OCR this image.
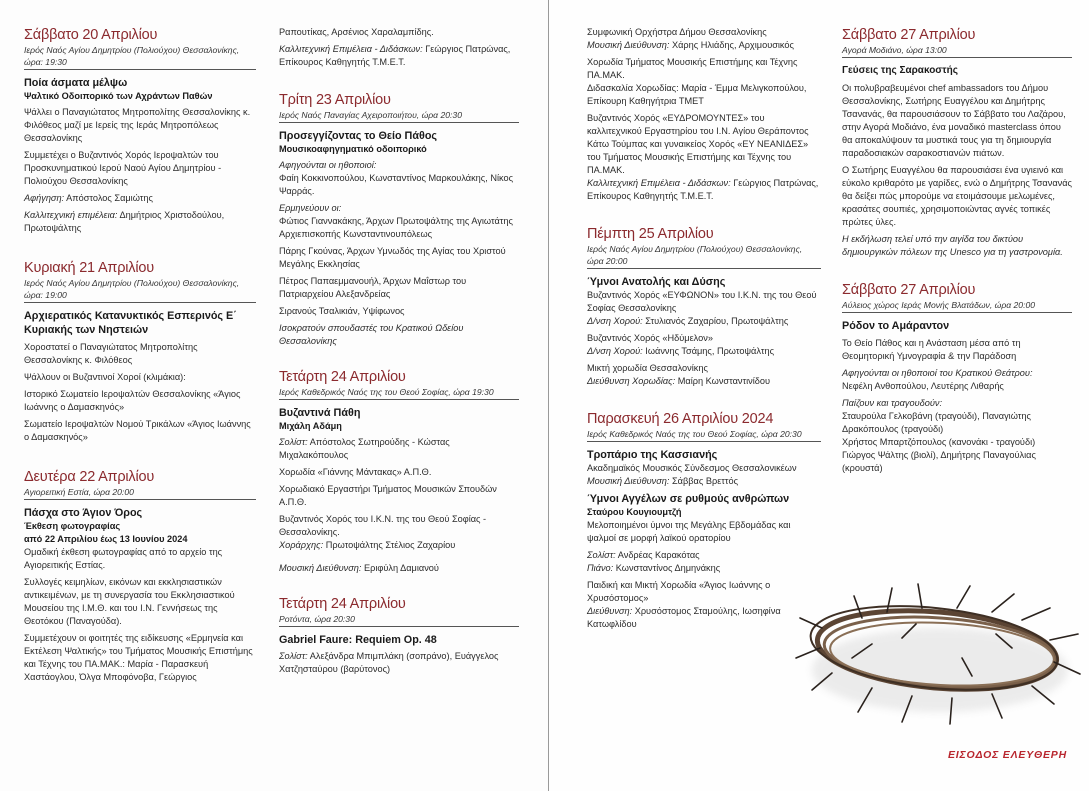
Σάββατο 20 Απριλίου
Ιερός Ναός Αγίου Δημητρίου (Πολιούχου) Θεσσαλονίκης, ώρα: 19:30
Ποία άσματα μέλψω
Ψαλτικό Οδοιπορικό των Αχράντων Παθών

Ψάλλει ο Παναγιώτατος Μητροπολίτης Θεσσαλονίκης κ. Φιλόθεος μαζί με Ιερείς της Ιεράς Μητροπόλεως Θεσσαλονίκης

Συμμετέχει ο Βυζαντινός Χορός Ιεροψαλτών του Προσκυνηματικού Ιερού Ναού Αγίου Δημητρίου - Πολιούχου Θεσσαλονίκης

Αφήγηση: Απόστολος Σαμιώτης

Καλλιτεχνική επιμέλεια: Δημήτριος Χριστοδούλου, Πρωτοψάλτης

Κυριακή 21 Απριλίου
Ιερός Ναός Αγίου Δημητρίου (Πολιούχου) Θεσσαλονίκης, ώρα: 19:00
Αρχιερατικός Κατανυκτικός Εσπερινός Ε΄ Κυριακής των Νηστειών

Χοροστατεί ο Παναγιώτατος Μητροπολίτης Θεσσαλονίκης κ. Φιλόθεος

Ψάλλουν οι Βυζαντινοί Χοροί (κλιμάκια):

Ιστορικό Σωματείο Ιεροψαλτών Θεσσαλονίκης «Άγιος Ιωάννης ο Δαμασκηνός»

Σωματείο Ιεροψαλτών Νομού Τρικάλων «Άγιος Ιωάννης ο Δαμασκηνός»

Δευτέρα 22 Απριλίου
Αγιορειτική Εστία, ώρα 20:00
Πάσχα στο Άγιον Όρος
Έκθεση φωτογραφίας
από 22 Απριλίου έως 13 Ιουνίου 2024

Ομαδική έκθεση φωτογραφίας από το αρχείο της Αγιορειτικής Εστίας.

Συλλογές κειμηλίων, εικόνων και εκκλησιαστικών αντικειμένων, με τη συνεργασία του Εκκλησιαστικού Μουσείου της Ι.Μ.Θ. και του Ι.Ν. Γεννήσεως της Θεοτόκου (Παναγούδα).

Συμμετέχουν οι φοιτητές της ειδίκευσης «Ερμηνεία και Εκτέλεση Ψαλτικής» του Τμήματος Μουσικής Επιστήμης και Τέχνης του ΠΑ.ΜΑΚ.: Μαρία - Παρασκευή Χαστάογλου, Όλγα Μποφόνοβα, Γεώργιος

Ραπουτίκας, Αρσένιος Χαραλαμπίδης.

Καλλιτεχνική Επιμέλεια - Διδάσκων: Γεώργιος Πατρώνας, Επίκουρος Καθηγητής Τ.Μ.Ε.Τ.

Τρίτη 23 Απριλίου
Ιερός Ναός Παναγίας Αχειροποιήτου, ώρα 20:30
Προσεγγίζοντας το Θείο Πάθος
Μουσικοαφηγηματικό οδοιπορικό

Αφηγούνται οι ηθοποιοί:
Φαίη Κοκκινοπούλου, Κωνσταντίνος Μαρκουλάκης, Νίκος Ψαρράς.

Ερμηνεύουν οι:
Φώτιος Γιαννακάκης, Άρχων Πρωτοψάλτης της Αγιωτάτης Αρχιεπισκοπής Κωνσταντινουπόλεως

Πάρης Γκούνας, Άρχων Υμνωδός της Αγίας του Χριστού Μεγάλης Εκκλησίας

Πέτρος Παπαεμμανουήλ, Άρχων Μαΐστωρ του Πατριαρχείου Αλεξανδρείας

Σιρανούς Τσαλικιάν, Υψίφωνος

Ισοκρατούν σπουδαστές του Κρατικού Ωδείου Θεσσαλονίκης

Τετάρτη 24 Απριλίου
Ιερός Καθεδρικός Ναός της του Θεού Σοφίας, ώρα 19:30
Βυζαντινά Πάθη
Μιχάλη Αδάμη

Σολίστ: Απόστολος Σωτηρούδης - Κώστας Μιχαλακόπουλος

Χορωδία «Γιάννης Μάντακας» Α.Π.Θ.

Χορωδιακό Εργαστήρι Τμήματος Μουσικών Σπουδών Α.Π.Θ.

Βυζαντινός Χορός του Ι.Κ.Ν. της του Θεού Σοφίας - Θεσσαλονίκης.

Χοράρχης: Πρωτοψάλτης Στέλιος Ζαχαρίου

Μουσική Διεύθυνση: Εριφύλη Δαμιανού

Τετάρτη 24 Απριλίου
Ροτόντα, ώρα 20:30
Gabriel Faure: Requiem Op. 48

Σολίστ: Αλεξάνδρα Μπιμπλάκη (σοπράνο), Ευάγγελος Χατζησταύρου (βαρύτονος)

Συμφωνική Ορχήστρα Δήμου Θεσσαλονίκης

Μουσική Διεύθυνση: Χάρης Ηλιάδης, Αρχιμουσικός

Χορωδία Τμήματος Μουσικής Επιστήμης και Τέχνης ΠΑ.ΜΑΚ.

Διδασκαλία Χορωδίας: Μαρία - Έμμα Μελιγκοπούλου, Επίκουρη Καθηγήτρια ΤΜΕΤ

Βυζαντινός Χορός «ΕΥΔΡΟΜΟΥΝΤΕΣ» του καλλιτεχνικού Εργαστηρίου του Ι.Ν. Αγίου Θεράποντος Κάτω Τούμπας και γυναικείος Χορός «ΕΥ ΝΕΑΝΙΔΕΣ» του Τμήματος Μουσικής Επιστήμης και Τέχνης του ΠΑ.ΜΑΚ.

Καλλιτεχνική Επιμέλεια - Διδάσκων: Γεώργιος Πατρώνας, Επίκουρος Καθηγητής Τ.Μ.Ε.Τ.

Πέμπτη 25 Απριλίου
Ιερός Ναός Αγίου Δημητρίου (Πολιούχου) Θεσσαλονίκης, ώρα 20:00
Ύμνοι Ανατολής και Δύσης

Βυζαντινός Χορός «ΕΥΦΩΝΟΝ» του Ι.Κ.Ν. της του Θεού Σοφίας Θεσσαλονίκης

Δ/νση Χορού: Στυλιανός Ζαχαρίου, Πρωτοψάλτης

Βυζαντινός Χορός «Ηδύμελον»

Δ/νση Χορού: Ιωάννης Τσάμης, Πρωτοψάλτης

Μικτή χορωδία Θεσσαλονίκης

Διεύθυνση Χορωδίας: Μαίρη Κωνσταντινίδου

Παρασκευή 26 Απριλίου 2024
Ιερός Καθεδρικός Ναός της του Θεού Σοφίας, ώρα 20:30
Τροπάριο της Κασσιανής

Ακαδημαϊκός Μουσικός Σύνδεσμος Θεσσαλονικέων

Μουσική Διεύθυνση: Σάββας Βρεττός

Ύμνοι Αγγέλων σε ρυθμούς ανθρώπων
Σταύρου Κουγιουμτζή

Μελοποιημένοι ύμνοι της Μεγάλης Εβδομάδας και ψαλμοί σε μορφή λαϊκού ορατορίου

Σολίστ: Ανδρέας Καρακότας

Πιάνο: Κωνσταντίνος Δημηνάκης

Παιδική και Μικτή Χορωδία «Άγιος Ιωάννης ο Χρυσόστομος»

Διεύθυνση: Χρυσόστομος Σταμούλης, Ιωσηφίνα Κατωφλίδου

Σάββατο 27 Απριλίου
Αγορά Μοδιάνο, ώρα 13:00
Γεύσεις της Σαρακοστής

Οι πολυβραβευμένοι chef ambassadors του Δήμου Θεσσαλονίκης, Σωτήρης Ευαγγέλου και Δημήτρης Τσανανάς, θα παρουσιάσουν το Σάββατο του Λαζάρου, στην Αγορά Μοδιάνο, ένα μοναδικό masterclass όπου θα αποκαλύψουν τα μυστικά τους για τη δημιουργία παραδοσιακών σαρακοστιανών πιάτων.

Ο Σωτήρης Ευαγγέλου θα παρουσιάσει ένα υγιεινό και εύκολο κριθαρότο με γαρίδες, ενώ ο Δημήτρης Τσανανάς θα δείξει πώς μπορούμε να ετοιμάσουμε μελωμένες, κρασάτες σουπιές, χρησιμοποιώντας αγνές τοπικές πρώτες ύλες.

Η εκδήλωση τελεί υπό την αιγίδα του δικτύου δημιουργικών πόλεων της Unesco για τη γαστρονομία.

Σάββατο 27 Απριλίου
Αύλειος χώρος Ιεράς Μονής Βλατάδων, ώρα 20:00
Ρόδον το Αμάραντον

Το Θείο Πάθος και η Ανάσταση μέσα από τη Θεομητορική Υμνογραφία & την Παράδοση

Αφηγούνται οι ηθοποιοί του Κρατικού Θεάτρου:
Νεφέλη Ανθοπούλου, Λευτέρης Λιθαρής

Παίζουν και τραγουδούν:
Σταυρούλα Γελκοβάνη (τραγούδι), Παναγιώτης Δρακόπουλος (τραγούδι)
Χρήστος Μπαρτζόπουλος (κανονάκι - τραγούδι)
Γιώργος Ψάλτης (βιολί), Δημήτρης Παναγούλιας (κρουστά)

ΕΙΣΟΔΟΣ ΕΛΕΥΘΕΡΗ
